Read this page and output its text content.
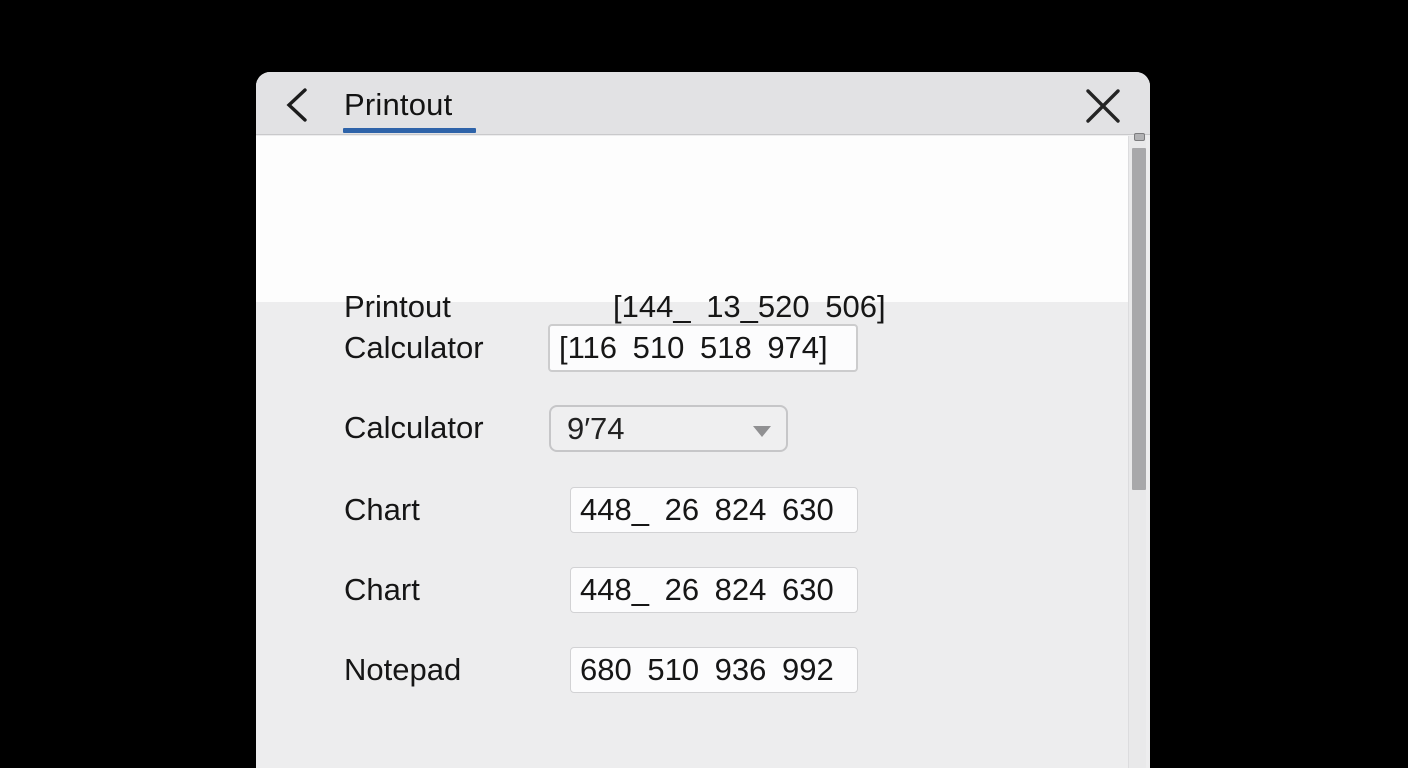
Printout
Printout	[144_ 13_520 506]
Calculator	[116 510 518 974]
Calculator	9′74
Chart	448_ 26 824 630
Chart	448_ 26 824 630
Notepad	680 510 936 992
